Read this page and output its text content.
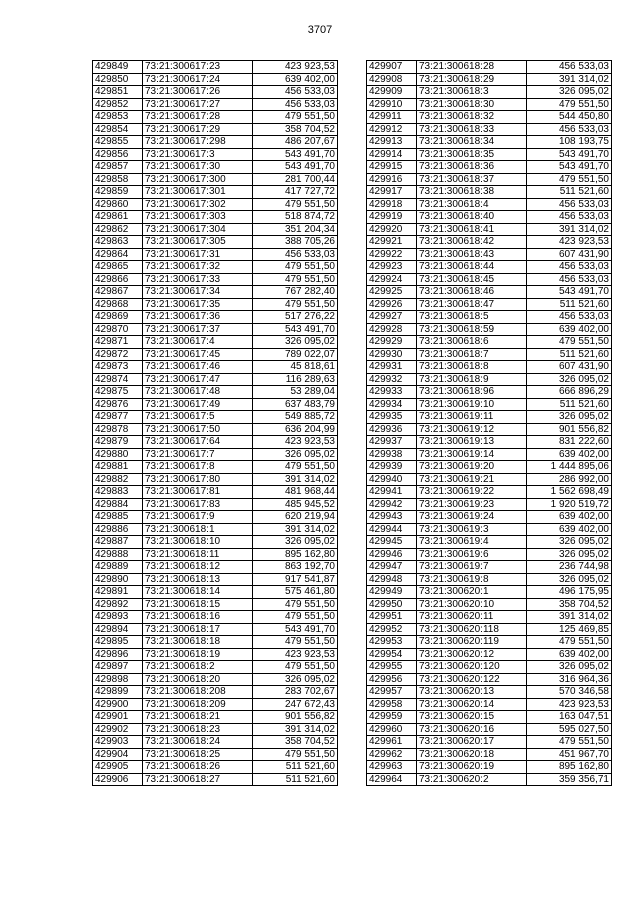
3707
429849	73:21:300617:23	423 923,53
429850	73:21:300617:24	639 402,00
429851	73:21:300617:26	456 533,03
429852	73:21:300617:27	456 533,03
429853	73:21:300617:28	479 551,50
429854	73:21:300617:29	358 704,52
429855	73:21:300617:298	486 207,67
429856	73:21:300617:3	543 491,70
429857	73:21:300617:30	543 491,70
429858	73:21:300617:300	281 700,44
429859	73:21:300617:301	417 727,72
429860	73:21:300617:302	479 551,50
429861	73:21:300617:303	518 874,72
429862	73:21:300617:304	351 204,34
429863	73:21:300617:305	388 705,26
429864	73:21:300617:31	456 533,03
429865	73:21:300617:32	479 551,50
429866	73:21:300617:33	479 551,50
429867	73:21:300617:34	767 282,40
429868	73:21:300617:35	479 551,50
429869	73:21:300617:36	517 276,22
429870	73:21:300617:37	543 491,70
429871	73:21:300617:4	326 095,02
429872	73:21:300617:45	789 022,07
429873	73:21:300617:46	45 818,61
429874	73:21:300617:47	116 289,63
429875	73:21:300617:48	53 289,04
429876	73:21:300617:49	637 483,79
429877	73:21:300617:5	549 885,72
429878	73:21:300617:50	636 204,99
429879	73:21:300617:64	423 923,53
429880	73:21:300617:7	326 095,02
429881	73:21:300617:8	479 551,50
429882	73:21:300617:80	391 314,02
429883	73:21:300617:81	481 968,44
429884	73:21:300617:83	485 945,52
429885	73:21:300617:9	620 219,94
429886	73:21:300618:1	391 314,02
429887	73:21:300618:10	326 095,02
429888	73:21:300618:11	895 162,80
429889	73:21:300618:12	863 192,70
429890	73:21:300618:13	917 541,87
429891	73:21:300618:14	575 461,80
429892	73:21:300618:15	479 551,50
429893	73:21:300618:16	479 551,50
429894	73:21:300618:17	543 491,70
429895	73:21:300618:18	479 551,50
429896	73:21:300618:19	423 923,53
429897	73:21:300618:2	479 551,50
429898	73:21:300618:20	326 095,02
429899	73:21:300618:208	283 702,67
429900	73:21:300618:209	247 672,43
429901	73:21:300618:21	901 556,82
429902	73:21:300618:23	391 314,02
429903	73:21:300618:24	358 704,52
429904	73:21:300618:25	479 551,50
429905	73:21:300618:26	511 521,60
429906	73:21:300618:27	511 521,60
429907	73:21:300618:28	456 533,03
429908	73:21:300618:29	391 314,02
429909	73:21:300618:3	326 095,02
429910	73:21:300618:30	479 551,50
429911	73:21:300618:32	544 450,80
429912	73:21:300618:33	456 533,03
429913	73:21:300618:34	108 193,75
429914	73:21:300618:35	543 491,70
429915	73:21:300618:36	543 491,70
429916	73:21:300618:37	479 551,50
429917	73:21:300618:38	511 521,60
429918	73:21:300618:4	456 533,03
429919	73:21:300618:40	456 533,03
429920	73:21:300618:41	391 314,02
429921	73:21:300618:42	423 923,53
429922	73:21:300618:43	607 431,90
429923	73:21:300618:44	456 533,03
429924	73:21:300618:45	456 533,03
429925	73:21:300618:46	543 491,70
429926	73:21:300618:47	511 521,60
429927	73:21:300618:5	456 533,03
429928	73:21:300618:59	639 402,00
429929	73:21:300618:6	479 551,50
429930	73:21:300618:7	511 521,60
429931	73:21:300618:8	607 431,90
429932	73:21:300618:9	326 095,02
429933	73:21:300618:96	666 896,29
429934	73:21:300619:10	511 521,60
429935	73:21:300619:11	326 095,02
429936	73:21:300619:12	901 556,82
429937	73:21:300619:13	831 222,60
429938	73:21:300619:14	639 402,00
429939	73:21:300619:20	1 444 895,06
429940	73:21:300619:21	286 992,00
429941	73:21:300619:22	1 562 698,49
429942	73:21:300619:23	1 920 519,72
429943	73:21:300619:24	639 402,00
429944	73:21:300619:3	639 402,00
429945	73:21:300619:4	326 095,02
429946	73:21:300619:6	326 095,02
429947	73:21:300619:7	236 744,98
429948	73:21:300619:8	326 095,02
429949	73:21:300620:1	496 175,95
429950	73:21:300620:10	358 704,52
429951	73:21:300620:11	391 314,02
429952	73:21:300620:118	125 469,85
429953	73:21:300620:119	479 551,50
429954	73:21:300620:12	639 402,00
429955	73:21:300620:120	326 095,02
429956	73:21:300620:122	316 964,36
429957	73:21:300620:13	570 346,58
429958	73:21:300620:14	423 923,53
429959	73:21:300620:15	163 047,51
429960	73:21:300620:16	595 027,50
429961	73:21:300620:17	479 551,50
429962	73:21:300620:18	451 967,70
429963	73:21:300620:19	895 162,80
429964	73:21:300620:2	359 356,71
